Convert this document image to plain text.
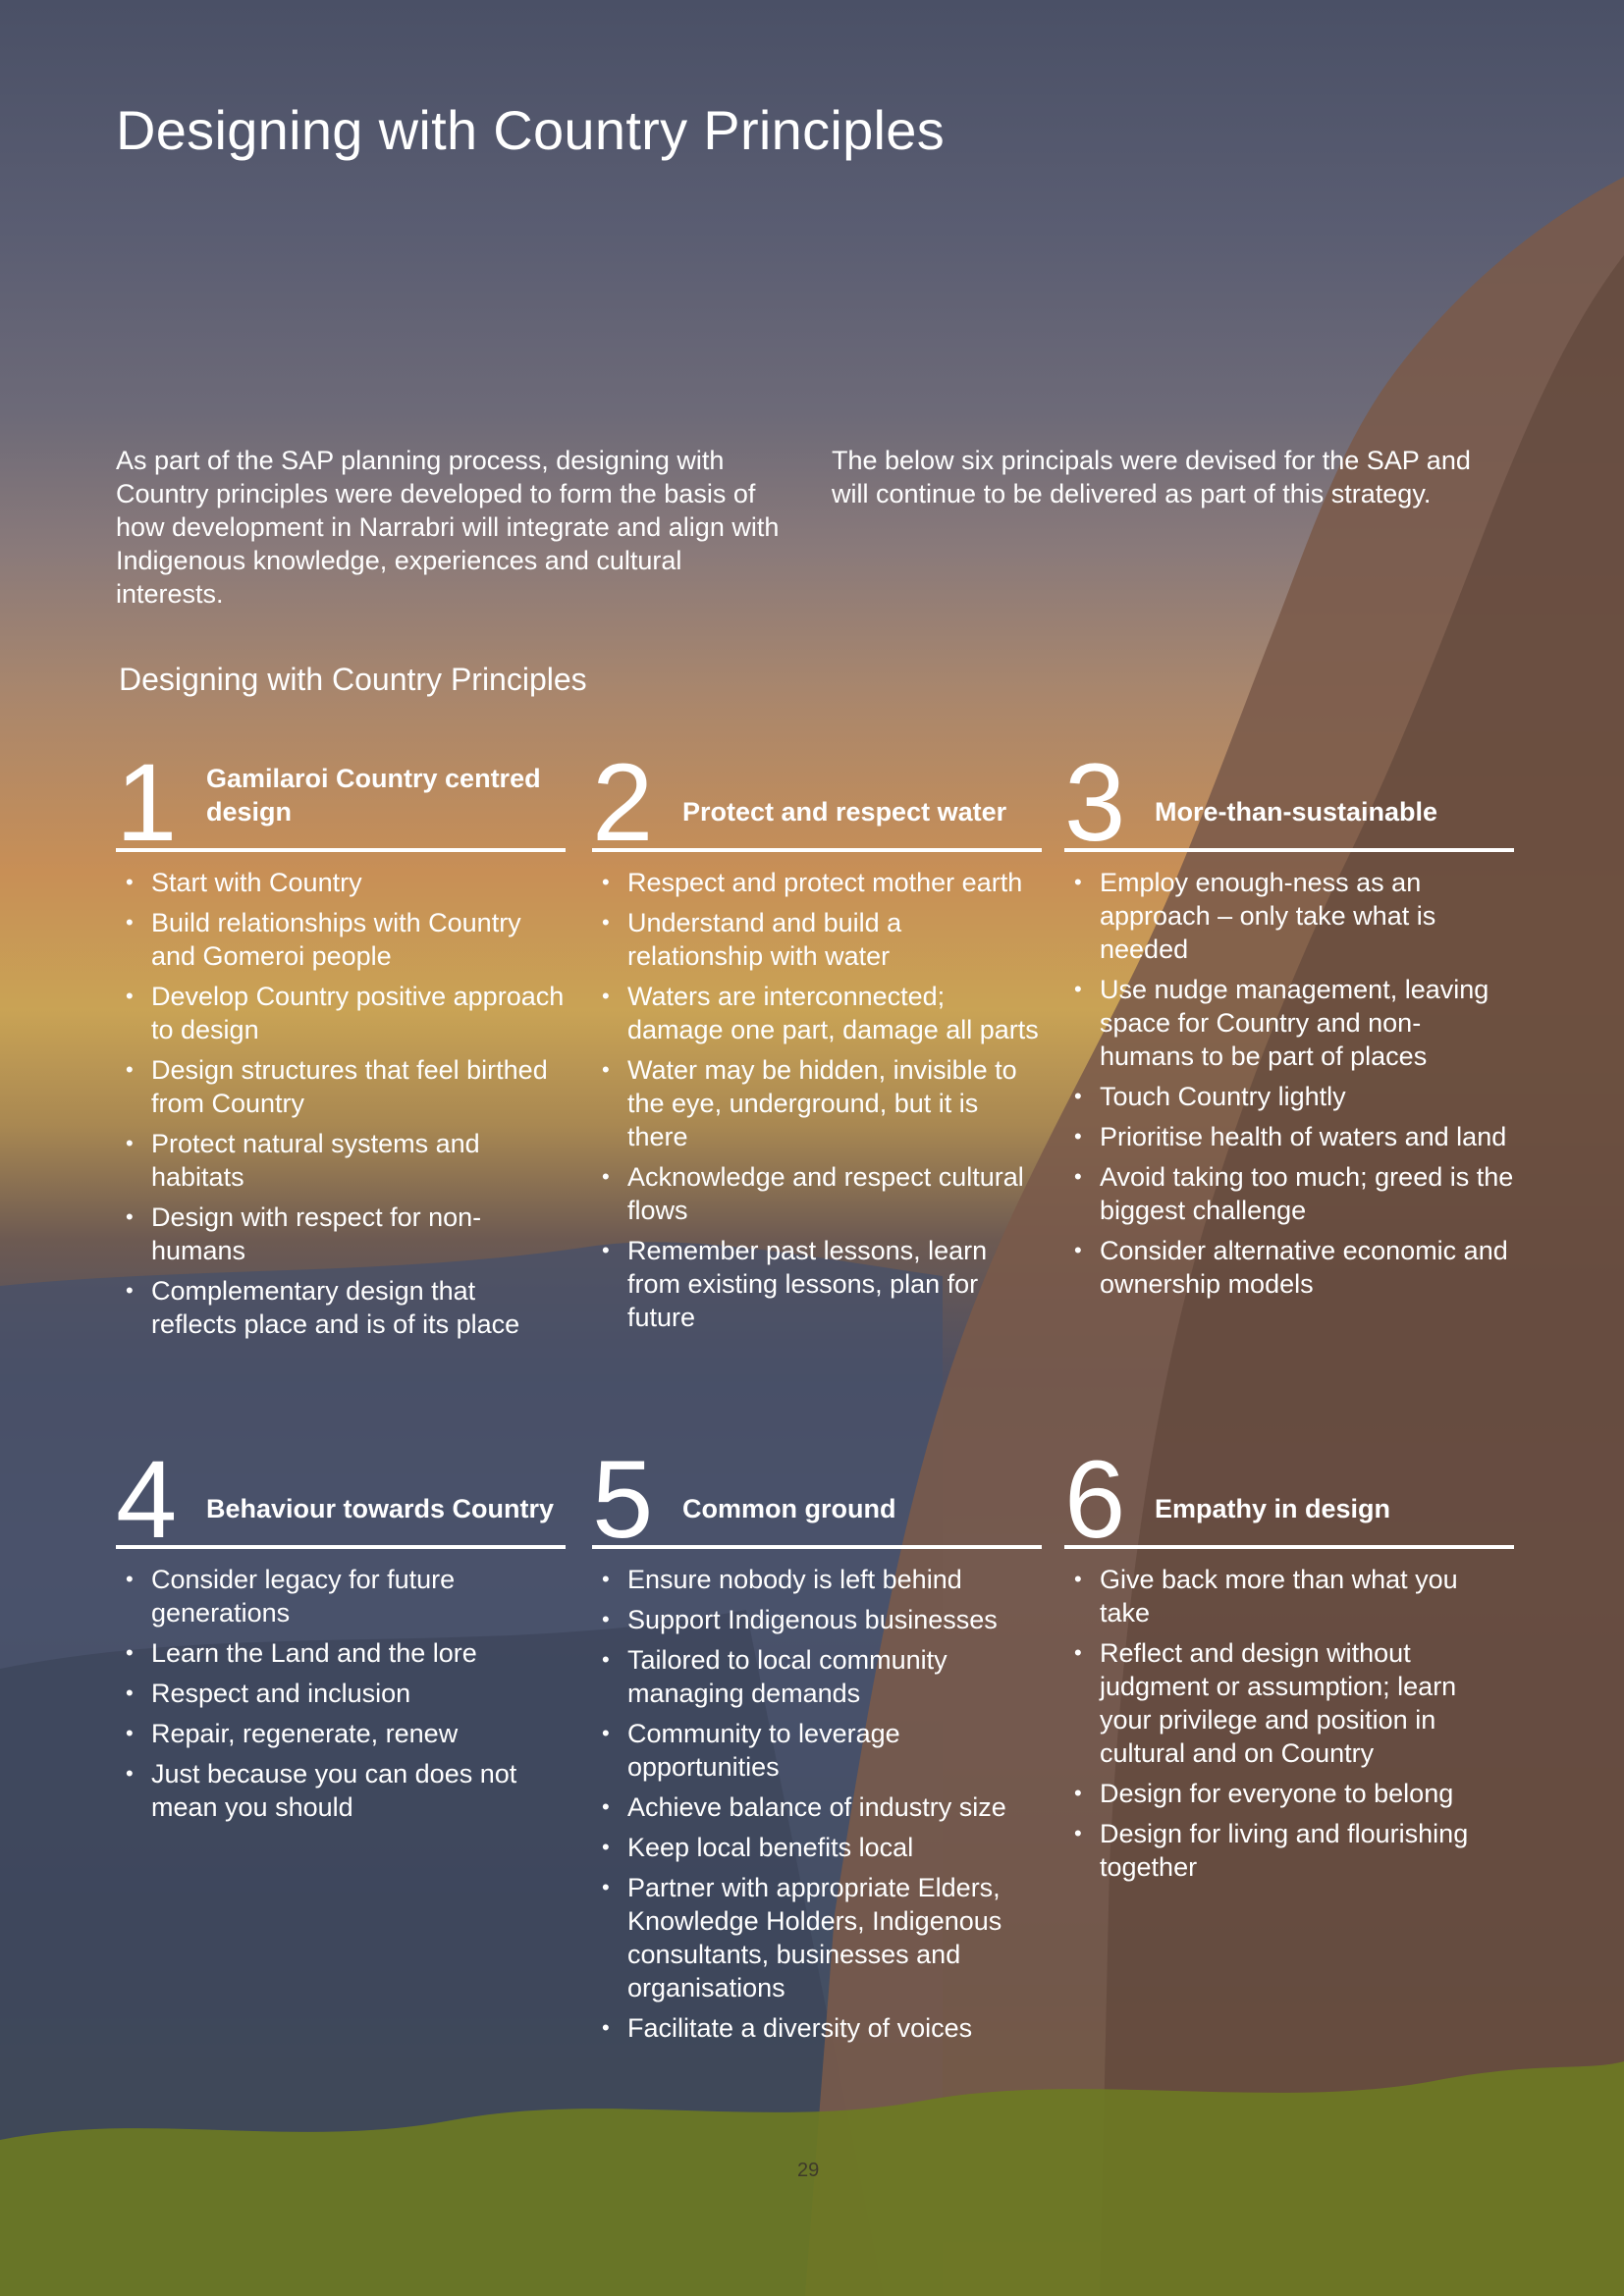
Designing with Country Principles

As part of the SAP planning process, designing with Country principles were developed to form the basis of how development in Narrabri will integrate and align with Indigenous knowledge, experiences and cultural interests.

The below six principals were devised for the SAP and will continue to be delivered as part of this strategy.

Designing with Country Principles
1 Gamilaroi Country centred design
• Start with Country
• Build relationships with Country and Gomeroi people
• Develop Country positive approach to design
• Design structures that feel birthed from Country
• Protect natural systems and habitats
• Design with respect for non-humans
• Complementary design that reflects place and is of its place
2 Protect and respect water
• Respect and protect mother earth
• Understand and build a relationship with water
• Waters are interconnected; damage one part, damage all parts
• Water may be hidden, invisible to the eye, underground, but it is there
• Acknowledge and respect cultural flows
• Remember past lessons, learn from existing lessons, plan for future
3 More-than-sustainable
• Employ enough-ness as an approach – only take what is needed
• Use nudge management, leaving space for Country and non-humans to be part of places
• Touch Country lightly
• Prioritise health of waters and land
• Avoid taking too much; greed is the biggest challenge
• Consider alternative economic and ownership models
4 Behaviour towards Country
• Consider legacy for future generations
• Learn the Land and the lore
• Respect and inclusion
• Repair, regenerate, renew
• Just because you can does not mean you should
5 Common ground
• Ensure nobody is left behind
• Support Indigenous businesses
• Tailored to local community managing demands
• Community to leverage opportunities
• Achieve balance of industry size
• Keep local benefits local
• Partner with appropriate Elders, Knowledge Holders, Indigenous consultants, businesses and organisations
• Facilitate a diversity of voices
6 Empathy in design
• Give back more than what you take
• Reflect and design without judgment or assumption; learn your privilege and position in cultural and on Country
• Design for everyone to belong
• Design for living and flourishing together
29
